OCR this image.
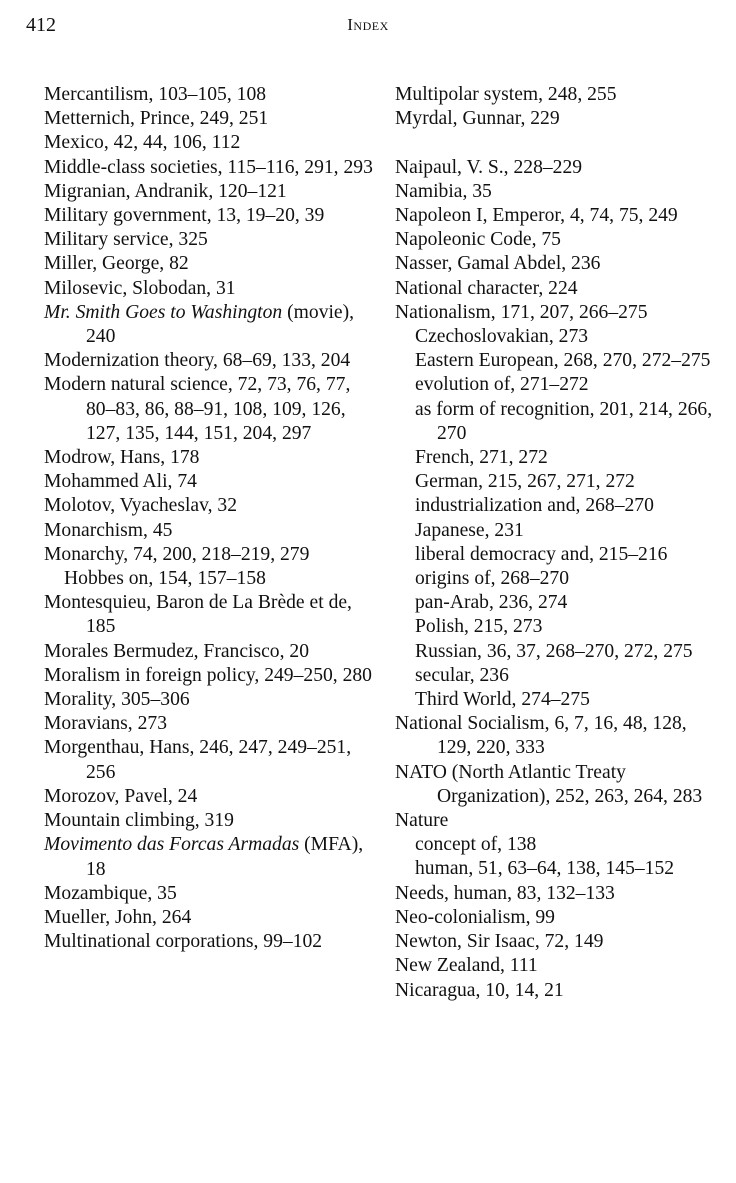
412	Index
Mercantilism, 103–105, 108
Metternich, Prince, 249, 251
Mexico, 42, 44, 106, 112
Middle-class societies, 115–116, 291, 293
Migranian, Andranik, 120–121
Military government, 13, 19–20, 39
Military service, 325
Miller, George, 82
Milosevic, Slobodan, 31
Mr. Smith Goes to Washington (movie), 240
Modernization theory, 68–69, 133, 204
Modern natural science, 72, 73, 76, 77, 80–83, 86, 88–91, 108, 109, 126, 127, 135, 144, 151, 204, 297
Modrow, Hans, 178
Mohammed Ali, 74
Molotov, Vyacheslav, 32
Monarchism, 45
Monarchy, 74, 200, 218–219, 279
Hobbes on, 154, 157–158
Montesquieu, Baron de La Brède et de, 185
Morales Bermudez, Francisco, 20
Moralism in foreign policy, 249–250, 280
Morality, 305–306
Moravians, 273
Morgenthau, Hans, 246, 247, 249–251, 256
Morozov, Pavel, 24
Mountain climbing, 319
Movimento das Forcas Armadas (MFA), 18
Mozambique, 35
Mueller, John, 264
Multinational corporations, 99–102
Multipolar system, 248, 255
Myrdal, Gunnar, 229
Naipaul, V. S., 228–229
Namibia, 35
Napoleon I, Emperor, 4, 74, 75, 249
Napoleonic Code, 75
Nasser, Gamal Abdel, 236
National character, 224
Nationalism, 171, 207, 266–275
Czechoslovakian, 273
Eastern European, 268, 270, 272–275
evolution of, 271–272
as form of recognition, 201, 214, 266, 270
French, 271, 272
German, 215, 267, 271, 272
industrialization and, 268–270
Japanese, 231
liberal democracy and, 215–216
origins of, 268–270
pan-Arab, 236, 274
Polish, 215, 273
Russian, 36, 37, 268–270, 272, 275
secular, 236
Third World, 274–275
National Socialism, 6, 7, 16, 48, 128, 129, 220, 333
NATO (North Atlantic Treaty Organization), 252, 263, 264, 283
Nature
concept of, 138
human, 51, 63–64, 138, 145–152
Needs, human, 83, 132–133
Neo-colonialism, 99
Newton, Sir Isaac, 72, 149
New Zealand, 111
Nicaragua, 10, 14, 21
